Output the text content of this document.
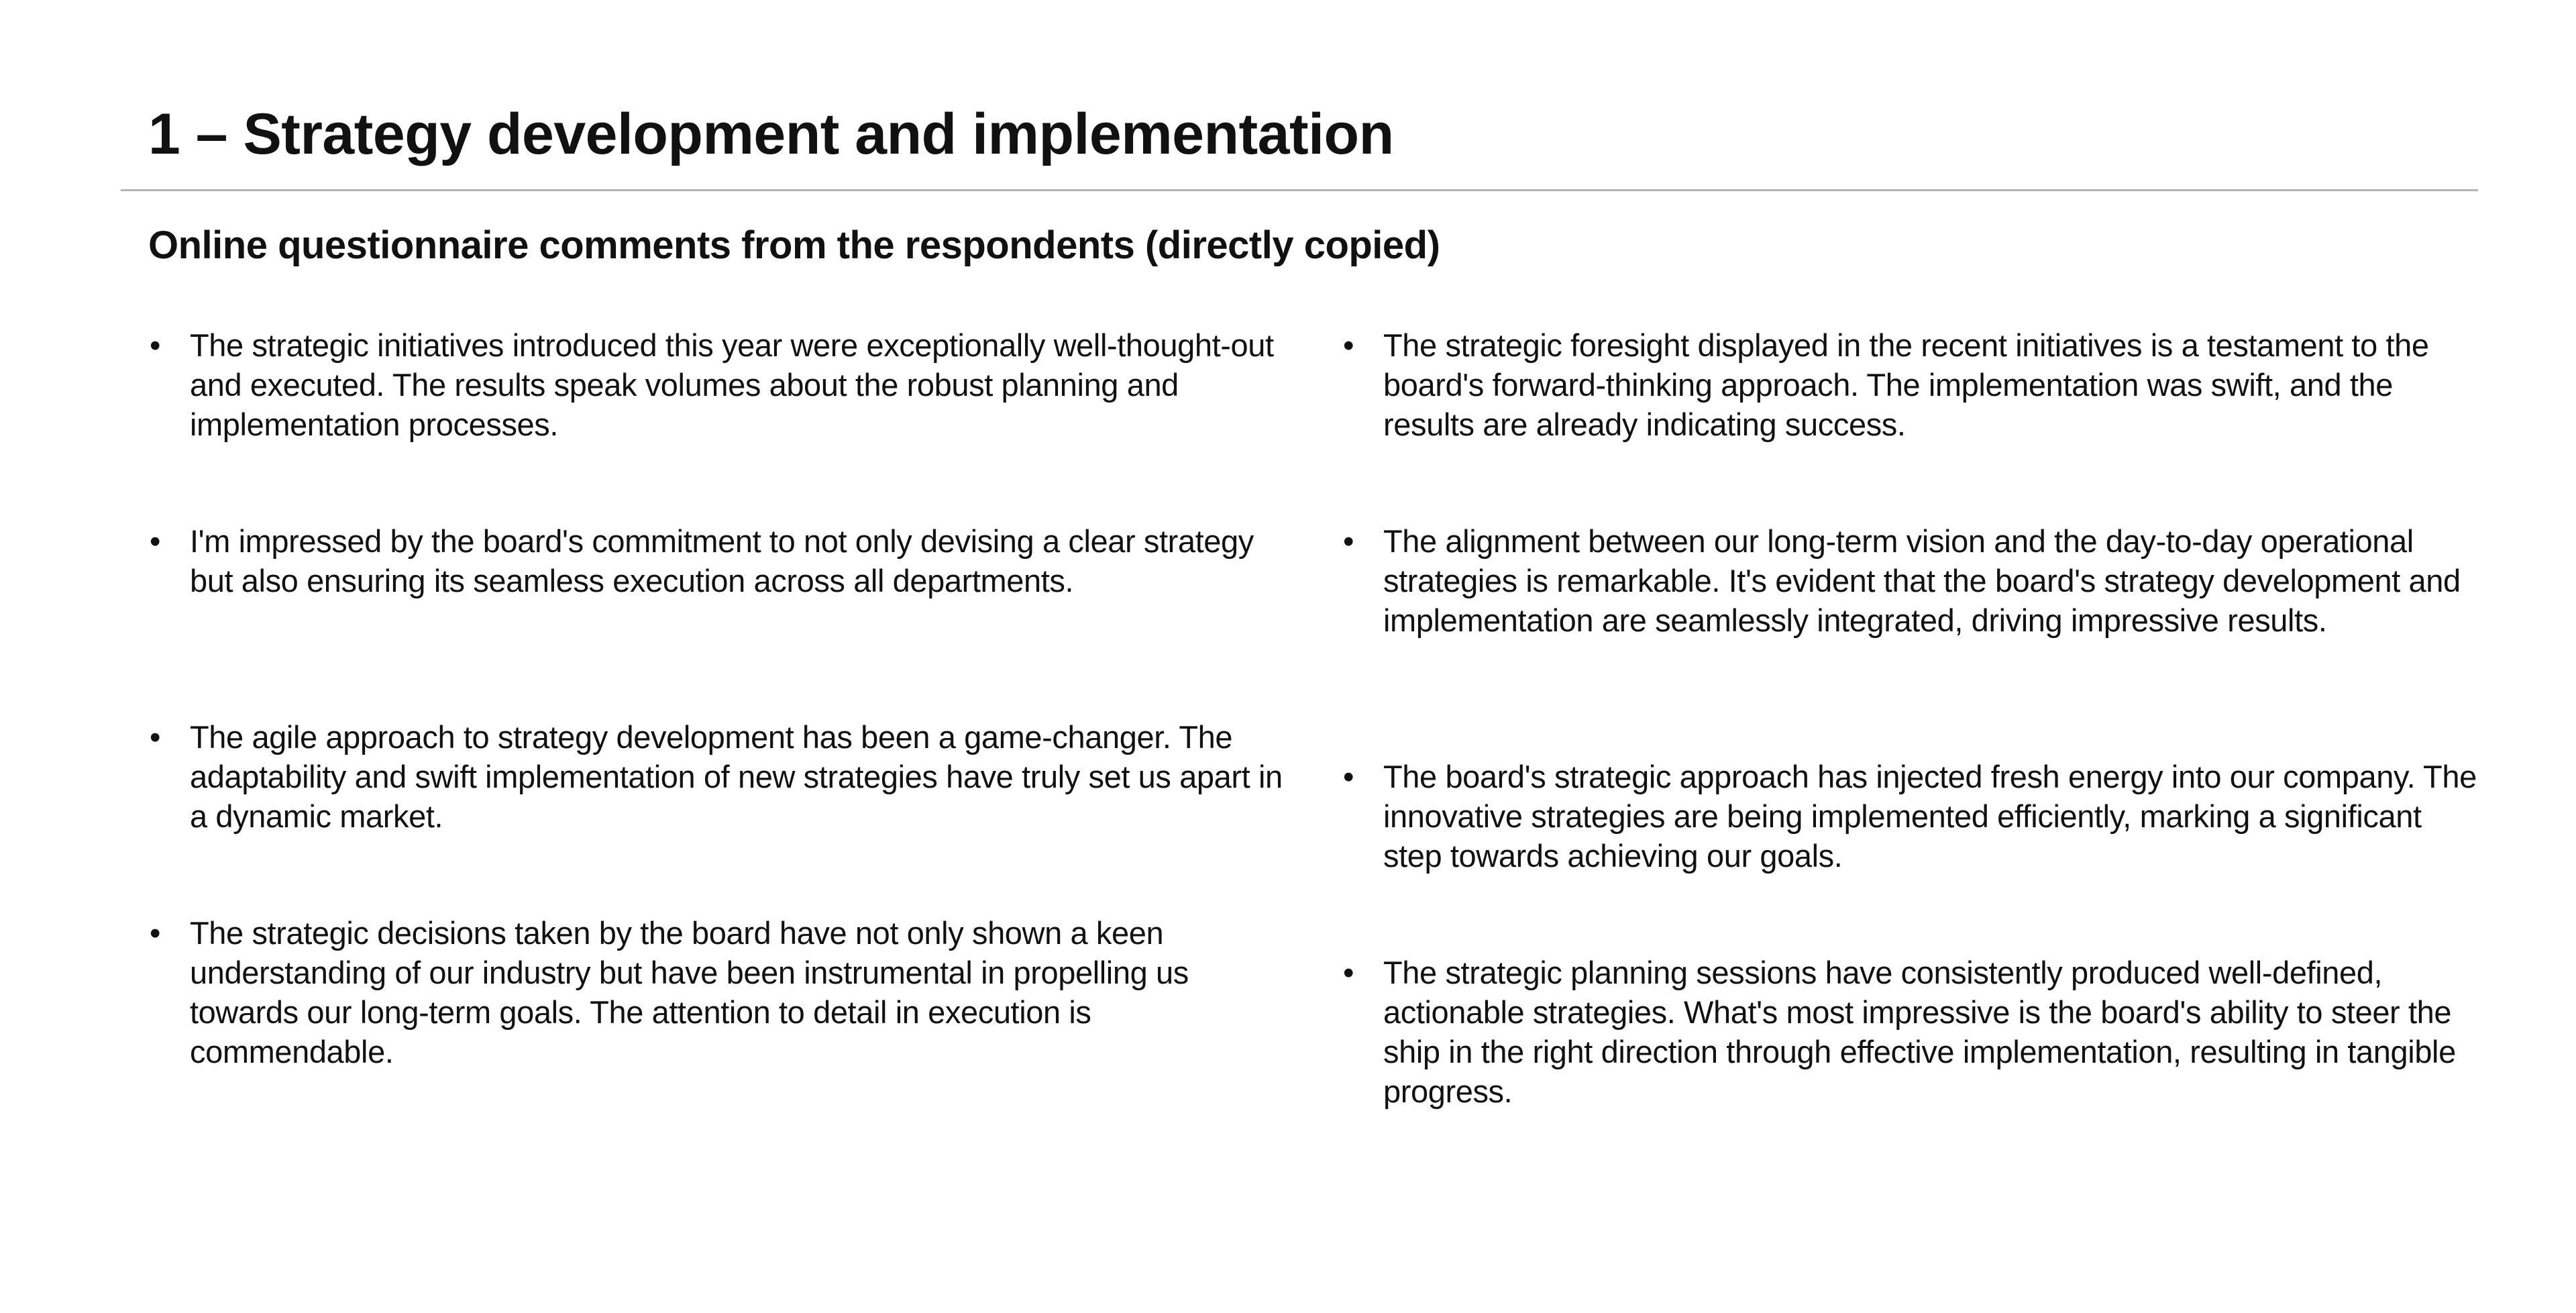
1 – Strategy development and implementation
Online questionnaire comments from the respondents (directly copied)
• The strategic initiatives introduced this year were exceptionally well-thought-out and executed. The results speak volumes about the robust planning and implementation processes.
• I'm impressed by the board's commitment to not only devising a clear strategy but also ensuring its seamless execution across all departments.
• The agile approach to strategy development has been a game-changer. The adaptability and swift implementation of new strategies have truly set us apart in a dynamic market.
• The strategic decisions taken by the board have not only shown a keen understanding of our industry but have been instrumental in propelling us towards our long-term goals. The attention to detail in execution is commendable.
• The strategic foresight displayed in the recent initiatives is a testament to the board's forward-thinking approach. The implementation was swift, and the results are already indicating success.
• The alignment between our long-term vision and the day-to-day operational strategies is remarkable. It's evident that the board's strategy development and implementation are seamlessly integrated, driving impressive results.
• The board's strategic approach has injected fresh energy into our company. The innovative strategies are being implemented efficiently, marking a significant step towards achieving our goals.
• The strategic planning sessions have consistently produced well-defined, actionable strategies. What's most impressive is the board's ability to steer the ship in the right direction through effective implementation, resulting in tangible progress.
